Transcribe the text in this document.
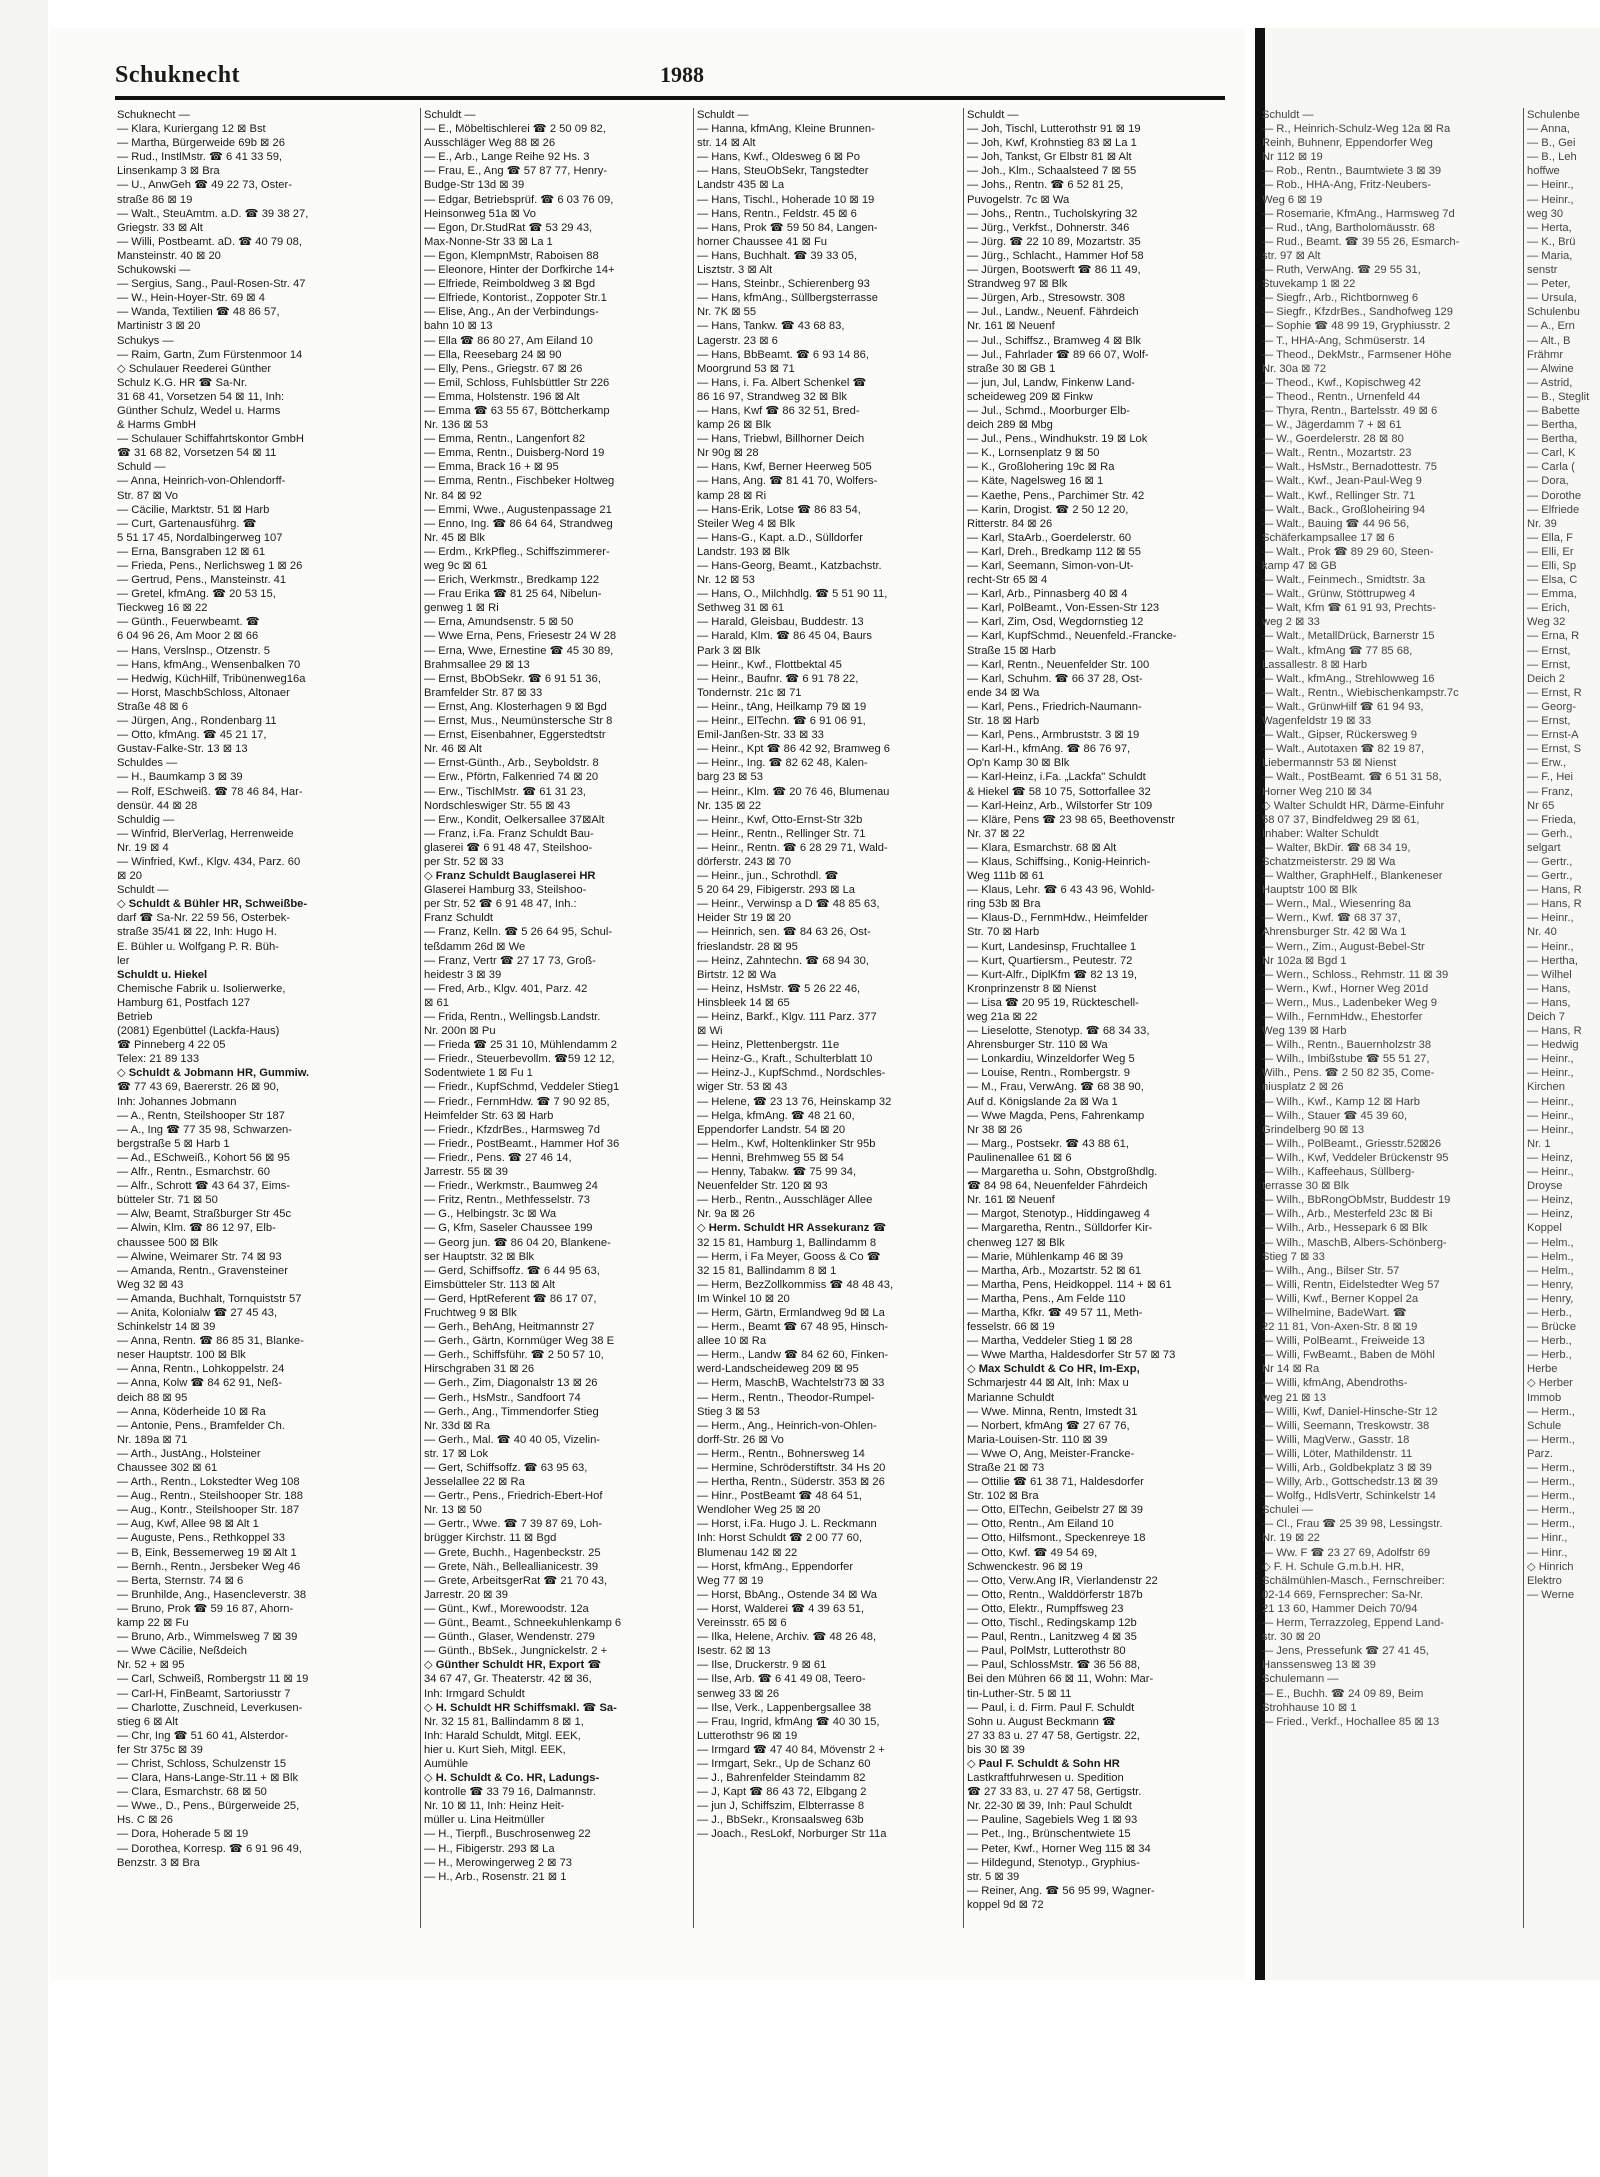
Schuknecht	1988
Schuknecht —
— Klara, Kuriergang 12 ⊠ Bst
— Martha, Bürgerweide 69b ⊠ 26
— Rud., InstlMstr. ☎ 6 41 33 59,
Linsenkamp 3 ⊠ Bra
— U., AnwGeh ☎ 49 22 73, Oster-
straße 86 ⊠ 19
— Walt., SteuAmtm. a.D. ☎ 39 38 27,
Griegstr. 33 ⊠ Alt
— Willi, Postbeamt. aD. ☎ 40 79 08,
Mansteinstr. 40 ⊠ 20
Schukowski —
— Sergius, Sang., Paul-Rosen-Str. 47
— W., Hein-Hoyer-Str. 69 ⊠ 4
— Wanda, Textilien ☎ 48 86 57,
Martinistr 3 ⊠ 20
Schukys —
— Raim, Gartn, Zum Fürstenmoor 14
◇ Schulauer Reederei Günther
Schulz K.G. HR ☎ Sa-Nr.
31 68 41, Vorsetzen 54 ⊠ 11, Inh:
Günther Schulz, Wedel u. Harms
& Harms GmbH
— Schulauer Schiffahrtskontor GmbH
☎ 31 68 82, Vorsetzen 54 ⊠ 11
Schuld —
— Anna, Heinrich-von-Ohlendorff-
Str. 87 ⊠ Vo
— Cäcilie, Marktstr. 51 ⊠ Harb
— Curt, Gartenausführg. ☎
5 51 17 45, Nordalbingerweg 107
— Erna, Bansgraben 12 ⊠ 61
— Frieda, Pens., Nerlichsweg 1 ⊠ 26
— Gertrud, Pens., Mansteinstr. 41
— Gretel, kfmAng. ☎ 20 53 15,
Tieckweg 16 ⊠ 22
— Günth., Feuerwbeamt. ☎
6 04 96 26, Am Moor 2 ⊠ 66
— Hans, Verslnsp., Otzenstr. 5
— Hans, kfmAng., Wensenbalken 70
— Hedwig, KüchHilf, Tribünenweg16a
— Horst, MaschbSchloss, Altonaer
Straße 48 ⊠ 6
— Jürgen, Ang., Rondenbarg 11
— Otto, kfmAng. ☎ 45 21 17,
Gustav-Falke-Str. 13 ⊠ 13
Schuldes —
— H., Baumkamp 3 ⊠ 39
— Rolf, ESchweiß. ☎ 78 46 84, Har-
densür. 44 ⊠ 28
Schuldig —
— Winfrid, BlerVerlag, Herrenweide
Nr. 19 ⊠ 4
— Winfried, Kwf., Klgv. 434, Parz. 60
⊠ 20
Schuldt —
◇ Schuldt & Bühler HR, Schweißbe-
darf ☎ Sa-Nr. 22 59 56, Osterbek-
straße 35/41 ⊠ 22, Inh: Hugo H.
E. Bühler u. Wolfgang P. R. Büh-
ler
Schuldt u. Hiekel
Chemische Fabrik u. Isolierwerke,
Hamburg 61, Postfach 127
Betrieb
(2081) Egenbüttel (Lackfa-Haus)
☎ Pinneberg 4 22 05
Telex: 21 89 133
◇ Schuldt & Jobmann HR, Gummiw.
☎ 77 43 69, Baererstr. 26 ⊠ 90,
Inh: Johannes Jobmann
— A., Rentn, Steilshooper Str 187
— A., Ing ☎ 77 35 98, Schwarzen-
bergstraße 5 ⊠ Harb 1
— Ad., ESchweiß., Kohort 56 ⊠ 95
— Alfr., Rentn., Esmarchstr. 60
— Alfr., Schrott ☎ 43 64 37, Eims-
bütteler Str. 71 ⊠ 50
— Alw, Beamt, Straßburger Str 45c
— Alwin, Klm. ☎ 86 12 97, Elb-
chaussee 500 ⊠ Blk
— Alwine, Weimarer Str. 74 ⊠ 93
— Amanda, Rentn., Gravensteiner
Weg 32 ⊠ 43
— Amanda, Buchhalt, Tornquiststr 57
— Anita, Kolonialw ☎ 27 45 43,
Schinkelstr 14 ⊠ 39
— Anna, Rentn. ☎ 86 85 31, Blanke-
neser Hauptstr. 100 ⊠ Blk
— Anna, Rentn., Lohkoppelstr. 24
— Anna, Kolw ☎ 84 62 91, Neß-
deich 88 ⊠ 95
— Anna, Köderheide 10 ⊠ Ra
— Antonie, Pens., Bramfelder Ch.
Nr. 189a ⊠ 71
— Arth., JustAng., Holsteiner
Chaussee 302 ⊠ 61
— Arth., Rentn., Lokstedter Weg 108
— Aug., Rentn., Steilshooper Str. 188
— Aug., Kontr., Steilshooper Str. 187
— Aug, Kwf, Allee 98 ⊠ Alt 1
— Auguste, Pens., Rethkoppel 33
— B, Eink, Bessemerweg 19 ⊠ Alt 1
— Bernh., Rentn., Jersbeker Weg 46
— Berta, Sternstr. 74 ⊠ 6
— Brunhilde, Ang., Hasencleverstr. 38
— Bruno, Prok ☎ 59 16 87, Ahorn-
kamp 22 ⊠ Fu
— Bruno, Arb., Wimmelsweg 7 ⊠ 39
— Wwe Cäcilie, Neßdeich
Nr. 52 + ⊠ 95
— Carl, Schweiß, Rombergstr 11 ⊠ 19
— Carl-H, FinBeamt, Sartoriusstr 7
— Charlotte, Zuschneid, Leverkusen-
stieg 6 ⊠ Alt
— Chr, Ing ☎ 51 60 41, Alsterdor-
fer Str 375c ⊠ 39
— Christ, Schloss, Schulzenstr 15
— Clara, Hans-Lange-Str.11 + ⊠ Blk
— Clara, Esmarchstr. 68 ⊠ 50
— Wwe., D., Pens., Bürgerweide 25,
Hs. C ⊠ 26
— Dora, Hoherade 5 ⊠ 19
— Dorothea, Korresp. ☎ 6 91 96 49,
Benzstr. 3 ⊠ Bra
Schuldt —
— E., Möbeltischlerei ☎ 2 50 09 82,
Ausschläger Weg 88 ⊠ 26
— E., Arb., Lange Reihe 92 Hs. 3
— Frau, E., Ang ☎ 57 87 77, Henry-
Budge-Str 13d ⊠ 39
— Edgar, Betriebsprüf. ☎ 6 03 76 09,
Heinsonweg 51a ⊠ Vo
— Egon, Dr.StudRat ☎ 53 29 43,
Max-Nonne-Str 33 ⊠ La 1
— Egon, KlempnMstr, Raboisen 88
— Eleonore, Hinter der Dorfkirche 14+
— Elfriede, Reimboldweg 3 ⊠ Bgd
— Elfriede, Kontorist., Zoppoter Str.1
— Elise, Ang., An der Verbindungs-
bahn 10 ⊠ 13
— Ella ☎ 86 80 27, Am Eiland 10
— Ella, Reesebarg 24 ⊠ 90
— Elly, Pens., Griegstr. 67 ⊠ 26
— Emil, Schloss, Fuhlsbüttler Str 226
— Emma, Holstenstr. 196 ⊠ Alt
— Emma ☎ 63 55 67, Böttcherkamp
Nr. 136 ⊠ 53
— Emma, Rentn., Langenfort 82
— Emma, Rentn., Duisberg-Nord 19
— Emma, Brack 16 + ⊠ 95
— Emma, Rentn., Fischbeker Holtweg
Nr. 84 ⊠ 92
— Emmi, Wwe., Augustenpassage 21
— Enno, Ing. ☎ 86 64 64, Strandweg
Nr. 45 ⊠ Blk
— Erdm., KrkPfleg., Schiffszimmerer-
weg 9c ⊠ 61
— Erich, Werkmstr., Bredkamp 122
— Frau Erika ☎ 81 25 64, Nibelun-
genweg 1 ⊠ Ri
— Erna, Amundsenstr. 5 ⊠ 50
— Wwe Erna, Pens, Friesestr 24 W 28
— Erna, Wwe, Ernestine ☎ 45 30 89,
Brahmsallee 29 ⊠ 13
— Ernst, BbObSekr. ☎ 6 91 51 36,
Bramfelder Str. 87 ⊠ 33
— Ernst, Ang. Klosterhagen 9 ⊠ Bgd
— Ernst, Mus., Neumünstersche Str 8
— Ernst, Eisenbahner, Eggerstedtstr
Nr. 46 ⊠ Alt
— Ernst-Günth., Arb., Seyboldstr. 8
— Erw., Pförtn, Falkenried 74 ⊠ 20
— Erw., TischlMstr. ☎ 61 31 23,
Nordschleswiger Str. 55 ⊠ 43
— Erw., Kondit, Oelkersallee 37⊠Alt
— Franz, i.Fa. Franz Schuldt Bau-
glaserei ☎ 6 91 48 47, Steilshoo-
per Str. 52 ⊠ 33
◇ Franz Schuldt Bauglaserei HR
Glaserei Hamburg 33, Steilshoo-
per Str. 52 ☎ 6 91 48 47, Inh.:
Franz Schuldt
— Franz, Kelln. ☎ 5 26 64 95, Schul-
teßdamm 26d ⊠ We
— Franz, Vertr ☎ 27 17 73, Groß-
heidestr 3 ⊠ 39
— Fred, Arb., Klgv. 401, Parz. 42
⊠ 61
— Frida, Rentn., Wellingsb.Landstr.
Nr. 200n ⊠ Pu
— Frieda ☎ 25 31 10, Mühlendamm 2
— Friedr., Steuerbevollm. ☎59 12 12,
Sodentwiete 1 ⊠ Fu 1
— Friedr., KupfSchmd, Veddeler Stieg1
— Friedr., FernmHdw. ☎ 7 90 92 85,
Heimfelder Str. 63 ⊠ Harb
— Friedr., KfzdrBes., Harmsweg 7d
— Friedr., PostBeamt., Hammer Hof 36
— Friedr., Pens. ☎ 27 46 14,
Jarrestr. 55 ⊠ 39
— Friedr., Werkmstr., Baumweg 24
— Fritz, Rentn., Methfesselstr. 73
— G., Helbingstr. 3c ⊠ Wa
— G, Kfm, Saseler Chaussee 199
— Georg jun. ☎ 86 04 20, Blankene-
ser Hauptstr. 32 ⊠ Blk
— Gerd, Schiffsoffz. ☎ 6 44 95 63,
Eimsbütteler Str. 113 ⊠ Alt
— Gerd, HptReferent ☎ 86 17 07,
Fruchtweg 9 ⊠ Blk
— Gerh., BehAng, Heitmannstr 27
— Gerh., Gärtn, Kornmüger Weg 38 E
— Gerh., Schiffsführ. ☎ 2 50 57 10,
Hirschgraben 31 ⊠ 26
— Gerh., Zim, Diagonalstr 13 ⊠ 26
— Gerh., HsMstr., Sandfoort 74
— Gerh., Ang., Timmendorfer Stieg
Nr. 33d ⊠ Ra
— Gerh., Mal. ☎ 40 40 05, Vizelin-
str. 17 ⊠ Lok
— Gert, Schiffsoffz. ☎ 63 95 63,
Jesselallee 22 ⊠ Ra
— Gertr., Pens., Friedrich-Ebert-Hof
Nr. 13 ⊠ 50
— Gertr., Wwe. ☎ 7 39 87 69, Loh-
brügger Kirchstr. 11 ⊠ Bgd
— Grete, Buchh., Hagenbeckstr. 25
— Grete, Näh., Belleallianicestr. 39
— Grete, ArbeitsgerRat ☎ 21 70 43,
Jarrestr. 20 ⊠ 39
— Günt., Kwf., Morewoodstr. 12a
— Günt., Beamt., Schneekuhlenkamp 6
— Günth., Glaser, Wendenstr. 279
— Günth., BbSek., Jungnickelstr. 2 +
◇ Günther Schuldt HR, Export ☎
34 67 47, Gr. Theaterstr. 42 ⊠ 36,
Inh: Irmgard Schuldt
◇ H. Schuldt HR Schiffsmakl. ☎ Sa-
Nr. 32 15 81, Ballindamm 8 ⊠ 1,
Inh: Harald Schuldt, Mitgl. EEK,
hier u. Kurt Sieh, Mitgl. EEK,
Aumühle
◇ H. Schuldt & Co. HR, Ladungs-
kontrolle ☎ 33 79 16, Dalmannstr.
Nr. 10 ⊠ 11, Inh: Heinz Heit-
müller u. Lina Heitmüller
— H., Tierpfl., Buschrosenweg 22
— H., Fibigerstr. 293 ⊠ La
— H., Merowingerweg 2 ⊠ 73
— H., Arb., Rosenstr. 21 ⊠ 1
Schuldt —
— Hanna, kfmAng, Kleine Brunnen-
str. 14 ⊠ Alt
— Hans, Kwf., Oldesweg 6 ⊠ Po
— Hans, SteuObSekr, Tangstedter
Landstr 435 ⊠ La
— Hans, Tischl., Hoherade 10 ⊠ 19
— Hans, Rentn., Feldstr. 45 ⊠ 6
— Hans, Prok ☎ 59 50 84, Langen-
horner Chaussee 41 ⊠ Fu
— Hans, Buchhalt. ☎ 39 33 05,
Lisztstr. 3 ⊠ Alt
— Hans, Steinbr., Schierenberg 93
— Hans, kfmAng., Süllbergsterrasse
Nr. 7K ⊠ 55
— Hans, Tankw. ☎ 43 68 83,
Lagerstr. 23 ⊠ 6
— Hans, BbBeamt. ☎ 6 93 14 86,
Moorgrund 53 ⊠ 71
— Hans, i. Fa. Albert Schenkel ☎
86 16 97, Strandweg 32 ⊠ Blk
— Hans, Kwf ☎ 86 32 51, Bred-
kamp 26 ⊠ Blk
— Hans, Triebwl, Billhorner Deich
Nr 90g ⊠ 28
— Hans, Kwf, Berner Heerweg 505
— Hans, Ang. ☎ 81 41 70, Wolfers-
kamp 28 ⊠ Ri
— Hans-Erik, Lotse ☎ 86 83 54,
Steiler Weg 4 ⊠ Blk
— Hans-G., Kapt. a.D., Sülldorfer
Landstr. 193 ⊠ Blk
— Hans-Georg, Beamt., Katzbachstr.
Nr. 12 ⊠ 53
— Hans, O., Milchhdlg. ☎ 5 51 90 11,
Sethweg 31 ⊠ 61
— Harald, Gleisbau, Buddestr. 13
— Harald, Klm. ☎ 86 45 04, Baurs
Park 3 ⊠ Blk
— Heinr., Kwf., Flottbektal 45
— Heinr., Baufnr. ☎ 6 91 78 22,
Tondernstr. 21c ⊠ 71
— Heinr., tAng, Heilkamp 79 ⊠ 19
— Heinr., ElTechn. ☎ 6 91 06 91,
Emil-Janßen-Str. 33 ⊠ 33
— Heinr., Kpt ☎ 86 42 92, Bramweg 6
— Heinr., Ing. ☎ 82 62 48, Kalen-
barg 23 ⊠ 53
— Heinr., Klm. ☎ 20 76 46, Blumenau
Nr. 135 ⊠ 22
— Heinr., Kwf, Otto-Ernst-Str 32b
— Heinr., Rentn., Rellinger Str. 71
— Heinr., Rentn. ☎ 6 28 29 71, Wald-
dörferstr. 243 ⊠ 70
— Heinr., jun., Schrothdl. ☎
5 20 64 29, Fibigerstr. 293 ⊠ La
— Heinr., Verwinsp a D ☎ 48 85 63,
Heider Str 19 ⊠ 20
— Heinrich, sen. ☎ 84 63 26, Ost-
frieslandstr. 28 ⊠ 95
— Heinz, Zahntechn. ☎ 68 94 30,
Birtstr. 12 ⊠ Wa
— Heinz, HsMstr. ☎ 5 26 22 46,
Hinsbleek 14 ⊠ 65
— Heinz, Barkf., Klgv. 111 Parz. 377
⊠ Wi
— Heinz, Plettenbergstr. 11e
— Heinz-G., Kraft., Schulterblatt 10
— Heinz-J., KupfSchmd., Nordschles-
wiger Str. 53 ⊠ 43
— Helene, ☎ 23 13 76, Heinskamp 32
— Helga, kfmAng. ☎ 48 21 60,
Eppendorfer Landstr. 54 ⊠ 20
— Helm., Kwf, Holtenklinker Str 95b
— Henni, Brehmweg 55 ⊠ 54
— Henny, Tabakw. ☎ 75 99 34,
Neuenfelder Str. 120 ⊠ 93
— Herb., Rentn., Ausschläger Allee
Nr. 9a ⊠ 26
◇ Herm. Schuldt HR Assekuranz ☎
32 15 81, Hamburg 1, Ballindamm 8
— Herm, i Fa Meyer, Gooss & Co ☎
32 15 81, Ballindamm 8 ⊠ 1
— Herm, BezZollkommiss ☎ 48 48 43,
Im Winkel 10 ⊠ 20
— Herm, Gärtn, Ermlandweg 9d ⊠ La
— Herm., Beamt ☎ 67 48 95, Hinsch-
allee 10 ⊠ Ra
— Herm., Landw ☎ 84 62 60, Finken-
werd-Landscheideweg 209 ⊠ 95
— Herm, MaschB, Wachtelstr73 ⊠ 33
— Herm., Rentn., Theodor-Rumpel-
Stieg 3 ⊠ 53
— Herm., Ang., Heinrich-von-Ohlen-
dorff-Str. 26 ⊠ Vo
— Herm., Rentn., Bohnersweg 14
— Hermine, Schröderstiftstr. 34 Hs 20
— Hertha, Rentn., Süderstr. 353 ⊠ 26
— Hinr., PostBeamt ☎ 48 64 51,
Wendloher Weg 25 ⊠ 20
— Horst, i.Fa. Hugo J. L. Reckmann
Inh: Horst Schuldt ☎ 2 00 77 60,
Blumenau 142 ⊠ 22
— Horst, kfmAng., Eppendorfer
Weg 77 ⊠ 19
— Horst, BbAng., Ostende 34 ⊠ Wa
— Horst, Walderei ☎ 4 39 63 51,
Vereinsstr. 65 ⊠ 6
— Ilka, Helene, Archiv. ☎ 48 26 48,
Isestr. 62 ⊠ 13
— Ilse, Druckerstr. 9 ⊠ 61
— Ilse, Arb. ☎ 6 41 49 08, Teero-
senweg 33 ⊠ 26
— Ilse, Verk., Lappenbergsallee 38
— Frau, Ingrid, kfmAng ☎ 40 30 15,
Lutterothstr 96 ⊠ 19
— Irmgard ☎ 47 40 84, Mövenstr 2 +
— Irmgart, Sekr., Up de Schanz 60
— J., Bahrenfelder Steindamm 82
— J, Kapt ☎ 86 43 72, Elbgang 2
— jun J, Schiffszim, Elbterrasse 8
— J., BbSekr., Kronsaalsweg 63b
— Joach., ResLokf, Norburger Str 11a
Schuldt —
— Joh, Tischl, Lutterothstr 91 ⊠ 19
— Joh, Kwf, Krohnstieg 83 ⊠ La 1
— Joh, Tankst, Gr Elbstr 81 ⊠ Alt
— Joh., Klm., Schaalsteed 7 ⊠ 55
— Johs., Rentn. ☎ 6 52 81 25,
Puvogelstr. 7c ⊠ Wa
— Johs., Rentn., Tucholskyring 32
— Jürg., Verkfst., Dohnerstr. 346
— Jürg. ☎ 22 10 89, Mozartstr. 35
— Jürg., Schlacht., Hammer Hof 58
— Jürgen, Bootswerft ☎ 86 11 49,
Strandweg 97 ⊠ Blk
— Jürgen, Arb., Stresowstr. 308
— Jul., Landw., Neuenf. Fährdeich
Nr. 161 ⊠ Neuenf
— Jul., Schiffsz., Bramweg 4 ⊠ Blk
— Jul., Fahrlader ☎ 89 66 07, Wolf-
straße 30 ⊠ GB 1
— jun, Jul, Landw, Finkenw Land-
scheideweg 209 ⊠ Finkw
— Jul., Schmd., Moorburger Elb-
deich 289 ⊠ Mbg
— Jul., Pens., Windhukstr. 19 ⊠ Lok
— K., Lornsenplatz 9 ⊠ 50
— K., Großlohering 19c ⊠ Ra
— Käte, Nagelsweg 16 ⊠ 1
— Kaethe, Pens., Parchimer Str. 42
— Karin, Drogist. ☎ 2 50 12 20,
Ritterstr. 84 ⊠ 26
— Karl, StaArb., Goerdelerstr. 60
— Karl, Dreh., Bredkamp 112 ⊠ 55
— Karl, Seemann, Simon-von-Ut-
recht-Str 65 ⊠ 4
— Karl, Arb., Pinnasberg 40 ⊠ 4
— Karl, PolBeamt., Von-Essen-Str 123
— Karl, Zim, Osd, Wegdornstieg 12
— Karl, KupfSchmd., Neuenfeld.-Francke-
Straße 15 ⊠ Harb
— Karl, Rentn., Neuenfelder Str. 100
— Karl, Schuhm. ☎ 66 37 28, Ost-
ende 34 ⊠ Wa
— Karl, Pens., Friedrich-Naumann-
Str. 18 ⊠ Harb
— Karl, Pens., Armbruststr. 3 ⊠ 19
— Karl-H., kfmAng. ☎ 86 76 97,
Op'n Kamp 30 ⊠ Blk
— Karl-Heinz, i.Fa. „Lackfa" Schuldt
& Hiekel ☎ 58 10 75, Sottorfallee 32
— Karl-Heinz, Arb., Wilstorfer Str 109
— Kläre, Pens ☎ 23 98 65, Beethovenstr
Nr. 37 ⊠ 22
— Klara, Esmarchstr. 68 ⊠ Alt
— Klaus, Schiffsing., Konig-Heinrich-
Weg 111b ⊠ 61
— Klaus, Lehr. ☎ 6 43 43 96, Wohld-
ring 53b ⊠ Bra
— Klaus-D., FernmHdw., Heimfelder
Str. 70 ⊠ Harb
— Kurt, Landesinsp, Fruchtallee 1
— Kurt, Quartiersm., Peutestr. 72
— Kurt-Alfr., DiplKfm ☎ 82 13 19,
Kronprinzenstr 8 ⊠ Nienst
— Lisa ☎ 20 95 19, Rückteschell-
weg 21a ⊠ 22
— Lieselotte, Stenotyp. ☎ 68 34 33,
Ahrensburger Str. 110 ⊠ Wa
— Lonkardiu, Winzeldorfer Weg 5
— Louise, Rentn., Rombergstr. 9
— M., Frau, VerwAng. ☎ 68 38 90,
Auf d. Königslande 2a ⊠ Wa 1
— Wwe Magda, Pens, Fahrenkamp
Nr 38 ⊠ 26
— Marg., Postsekr. ☎ 43 88 61,
Paulinenallee 61 ⊠ 6
— Margaretha u. Sohn, Obstgroßhdlg.
☎ 84 98 64, Neuenfelder Fährdeich
Nr. 161 ⊠ Neuenf
— Margot, Stenotyp., Hiddingaweg 4
— Margaretha, Rentn., Sülldorfer Kir-
chenweg 127 ⊠ Blk
— Marie, Mühlenkamp 46 ⊠ 39
— Martha, Arb., Mozartstr. 52 ⊠ 61
— Martha, Pens, Heidkoppel. 114 + ⊠ 61
— Martha, Pens., Am Felde 110
— Martha, Kfkr. ☎ 49 57 11, Meth-
fesselstr. 66 ⊠ 19
— Martha, Veddeler Stieg 1 ⊠ 28
— Wwe Martha, Haldesdorfer Str 57 ⊠ 73
◇ Max Schuldt & Co HR, Im-Exp,
Schmarjestr 44 ⊠ Alt, Inh: Max u
Marianne Schuldt
— Wwe. Minna, Rentn, Imstedt 31
— Norbert, kfmAng ☎ 27 67 76,
Maria-Louisen-Str. 110 ⊠ 39
— Wwe O, Ang, Meister-Francke-
Straße 21 ⊠ 73
— Ottilie ☎ 61 38 71, Haldesdorfer
Str. 102 ⊠ Bra
— Otto, ElTechn, Geibelstr 27 ⊠ 39
— Otto, Rentn., Am Eiland 10
— Otto, Hilfsmont., Speckenreye 18
— Otto, Kwf. ☎ 49 54 69,
Schwenckestr. 96 ⊠ 19
— Otto, Verw.Ang IR, Vierlandenstr 22
— Otto, Rentn., Walddörferstr 187b
— Otto, Elektr., Rumpffsweg 23
— Otto, Tischl., Redingskamp 12b
— Paul, Rentn., Lanitzweg 4 ⊠ 35
— Paul, PolMstr, Lutterothstr 80
— Paul, SchlossMstr. ☎ 36 56 88,
Bei den Mühren 66 ⊠ 11, Wohn: Mar-
tin-Luther-Str. 5 ⊠ 11
— Paul, i. d. Firm. Paul F. Schuldt
Sohn u. August Beckmann ☎
27 33 83 u. 27 47 58, Gertigstr. 22,
bis 30 ⊠ 39
◇ Paul F. Schuldt & Sohn HR
Lastkraftfuhrwesen u. Spedition
☎ 27 33 83, u. 27 47 58, Gertigstr.
Nr. 22-30 ⊠ 39, Inh: Paul Schuldt
— Pauline, Sagebiels Weg 1 ⊠ 93
— Pet., Ing., Brünschentwiete 15
— Peter, Kwf., Horner Weg 115 ⊠ 34
— Hildegund, Stenotyp., Gryphius-
str. 5 ⊠ 39
— Reiner, Ang. ☎ 56 95 99, Wagner-
koppel 9d ⊠ 72
Schuldt —
— R., Heinrich-Schulz-Weg 12a ⊠ Ra
Reinh, Buhnenr, Eppendorfer Weg
Nr 112 ⊠ 19
— Rob., Rentn., Baumtwiete 3 ⊠ 39
— Rob., HHA-Ang, Fritz-Neubers-
Weg 6 ⊠ 19
— Rosemarie, KfmAng., Harmsweg 7d
— Rud., tAng, Bartholomäusstr. 68
— Rud., Beamt. ☎ 39 55 26, Esmarch-
str. 97 ⊠ Alt
— Ruth, VerwAng. ☎ 29 55 31,
Stuvekamp 1 ⊠ 22
— Siegfr., Arb., Richtbornweg 6
— Siegfr., KfzdrBes., Sandhofweg 129
— Sophie ☎ 48 99 19, Gryphiusstr. 2
— T., HHA-Ang, Schmüserstr. 14
— Theod., DekMstr., Farmsener Höhe
Nr. 30a ⊠ 72
— Theod., Kwf., Kopischweg 42
— Theod., Rentn., Urnenfeld 44
— Thyra, Rentn., Bartelsstr. 49 ⊠ 6
— W., Jägerdamm 7 + ⊠ 61
— W., Goerdelerstr. 28 ⊠ 80
— Walt., Rentn., Mozartstr. 23
— Walt., HsMstr., Bernadottestr. 75
— Walt., Kwf., Jean-Paul-Weg 9
— Walt., Kwf., Rellinger Str. 71
— Walt., Back., Großloheiring 94
— Walt., Bauing ☎ 44 96 56,
Schäferkampsallee 17 ⊠ 6
— Walt., Prok ☎ 89 29 60, Steen-
kamp 47 ⊠ GB
— Walt., Feinmech., Smidtstr. 3a
— Walt., Grünw, Stöttrupweg 4
— Walt, Kfm ☎ 61 91 93, Prechts-
weg 2 ⊠ 33
— Walt., MetallDrück, Barnerstr 15
— Walt., kfmAng ☎ 77 85 68,
Lassallestr. 8 ⊠ Harb
— Walt., kfmAng., Strehlowweg 16
— Walt., Rentn., Wiebischenkampstr.7c
— Walt., GrünwHilf ☎ 61 94 93,
Wagenfeldstr 19 ⊠ 33
— Walt., Gipser, Rückersweg 9
— Walt., Autotaxen ☎ 82 19 87,
Liebermannstr 53 ⊠ Nienst
— Walt., PostBeamt. ☎ 6 51 31 58,
Horner Weg 210 ⊠ 34
◇ Walter Schuldt HR, Därme-Einfuhr
58 07 37, Bindfeldweg 29 ⊠ 61,
Inhaber: Walter Schuldt
— Walter, BkDir. ☎ 68 34 19,
Schatzmeisterstr. 29 ⊠ Wa
— Walther, GraphHelf., Blankeneser
Hauptstr 100 ⊠ Blk
— Wern., Mal., Wiesenring 8a
— Wern., Kwf. ☎ 68 37 37,
Ahrensburger Str. 42 ⊠ Wa 1
— Wern., Zim., August-Bebel-Str
Nr 102a ⊠ Bgd 1
— Wern., Schloss., Rehmstr. 11 ⊠ 39
— Wern., Kwf., Horner Weg 201d
— Wern., Mus., Ladenbeker Weg 9
— Wilh., FernmHdw., Ehestorfer
Weg 139 ⊠ Harb
— Wilh., Rentn., Bauernholzstr 38
— Wilh., Imbißstube ☎ 55 51 27,
Wilh., Pens. ☎ 2 50 82 35, Come-
niusplatz 2 ⊠ 26
— Wilh., Kwf., Kamp 12 ⊠ Harb
— Wilh., Stauer ☎ 45 39 60,
Grindelberg 90 ⊠ 13
— Wilh., PolBeamt., Griesstr.52⊠26
— Wilh., Kwf, Veddeler Brückenstr 95
— Wilh., Kaffeehaus, Süllberg-
terrasse 30 ⊠ Blk
— Wilh., BbRongObMstr, Buddestr 19
— Wilh., Arb., Mesterfeld 23c ⊠ Bi
— Wilh., Arb., Hessepark 6 ⊠ Blk
— Wilh., MaschB, Albers-Schönberg-
Stieg 7 ⊠ 33
— Wilh., Ang., Bilser Str. 57
— Willi, Rentn, Eidelstedter Weg 57
— Willi, Kwf., Berner Koppel 2a
— Wilhelmine, BadeWart. ☎
22 11 81, Von-Axen-Str. 8 ⊠ 19
— Willi, PolBeamt., Freiweide 13
— Willi, FwBeamt., Baben de Möhl
Nr 14 ⊠ Ra
— Willi, kfmAng, Abendroths-
weg 21 ⊠ 13
— Willi, Kwf, Daniel-Hinsche-Str 12
— Willi, Seemann, Treskowstr. 38
— Willi, MagVerw., Gasstr. 18
— Willi, Löter, Mathildenstr. 11
— Willi, Arb., Goldbekplatz 3 ⊠ 39
— Willy, Arb., Gottschedstr.13 ⊠ 39
— Wolfg., HdlsVertr, Schinkelstr 14
Schulei —
— Cl., Frau ☎ 25 39 98, Lessingstr.
Nr. 19 ⊠ 22
— Ww. F ☎ 23 27 69, Adolfstr 69
◇ F. H. Schule G.m.b.H. HR,
Schälmühlen-Masch., Fernschreiber:
02-14 669, Fernsprecher: Sa-Nr.
21 13 60, Hammer Deich 70/94
— Herm, Terrazzoleg, Eppend Land-
str. 30 ⊠ 20
— Jens, Pressefunk ☎ 27 41 45,
Hanssensweg 13 ⊠ 39
Schulemann —
— E., Buchh. ☎ 24 09 89, Beim
Strohhause 10 ⊠ 1
— Fried., Verkf., Hochallee 85 ⊠ 13
Schulenbe
— Anna,
— B., Gei
— B., Leh
hoffwe
— Heinr.,
— Heinr.,
weg 30
— Herta,
— K., Brü
— Maria,
senstr
— Peter,
— Ursula,
Schulenbu
— A., Ern
— Alt., B
Frähmr
— Alwine
— Astrid,
— B., Steglit
— Babette
— Bertha,
— Bertha,
— Carl, K
— Carla (
— Dora,
— Dorothe
— Elfriede
Nr. 39
— Ella, F
— Elli, Er
— Elli, Sp
— Elsa, C
— Emma,
— Erich,
Weg 32
— Erna, R
— Ernst,
— Ernst,
Deich 2
— Ernst, R
— Georg-
— Ernst,
— Ernst-A
— Ernst, S
— Erw.,
— F., Hei
— Franz,
Nr 65
— Frieda,
— Gerh.,
selgart
— Gertr.,
— Gertr.,
— Hans, R
— Hans, R
— Heinr.,
Nr. 40
— Heinr.,
— Hertha,
— Wilhel
— Hans,
— Hans,
Deich 7
— Hans, R
— Hedwig
— Heinr.,
— Heinr.,
Kirchen
— Heinr.,
— Heinr.,
— Heinr.,
Nr. 1
— Heinz,
— Heinr.,
Droyse
— Heinz,
— Heinz,
Koppel
— Helm.,
— Helm.,
— Helm.,
— Henry,
— Henry,
— Herb.,
— Brücke
— Herb.,
— Herb.,
Herbe
◇ Herber
Immob
— Herm.,
Schule
— Herm.,
Parz.
— Herm.,
— Herm.,
— Herm.,
— Herm.,
— Herm.,
— Hinr.,
— Hinr.,
◇ Hinrich
Elektro
— Werne
